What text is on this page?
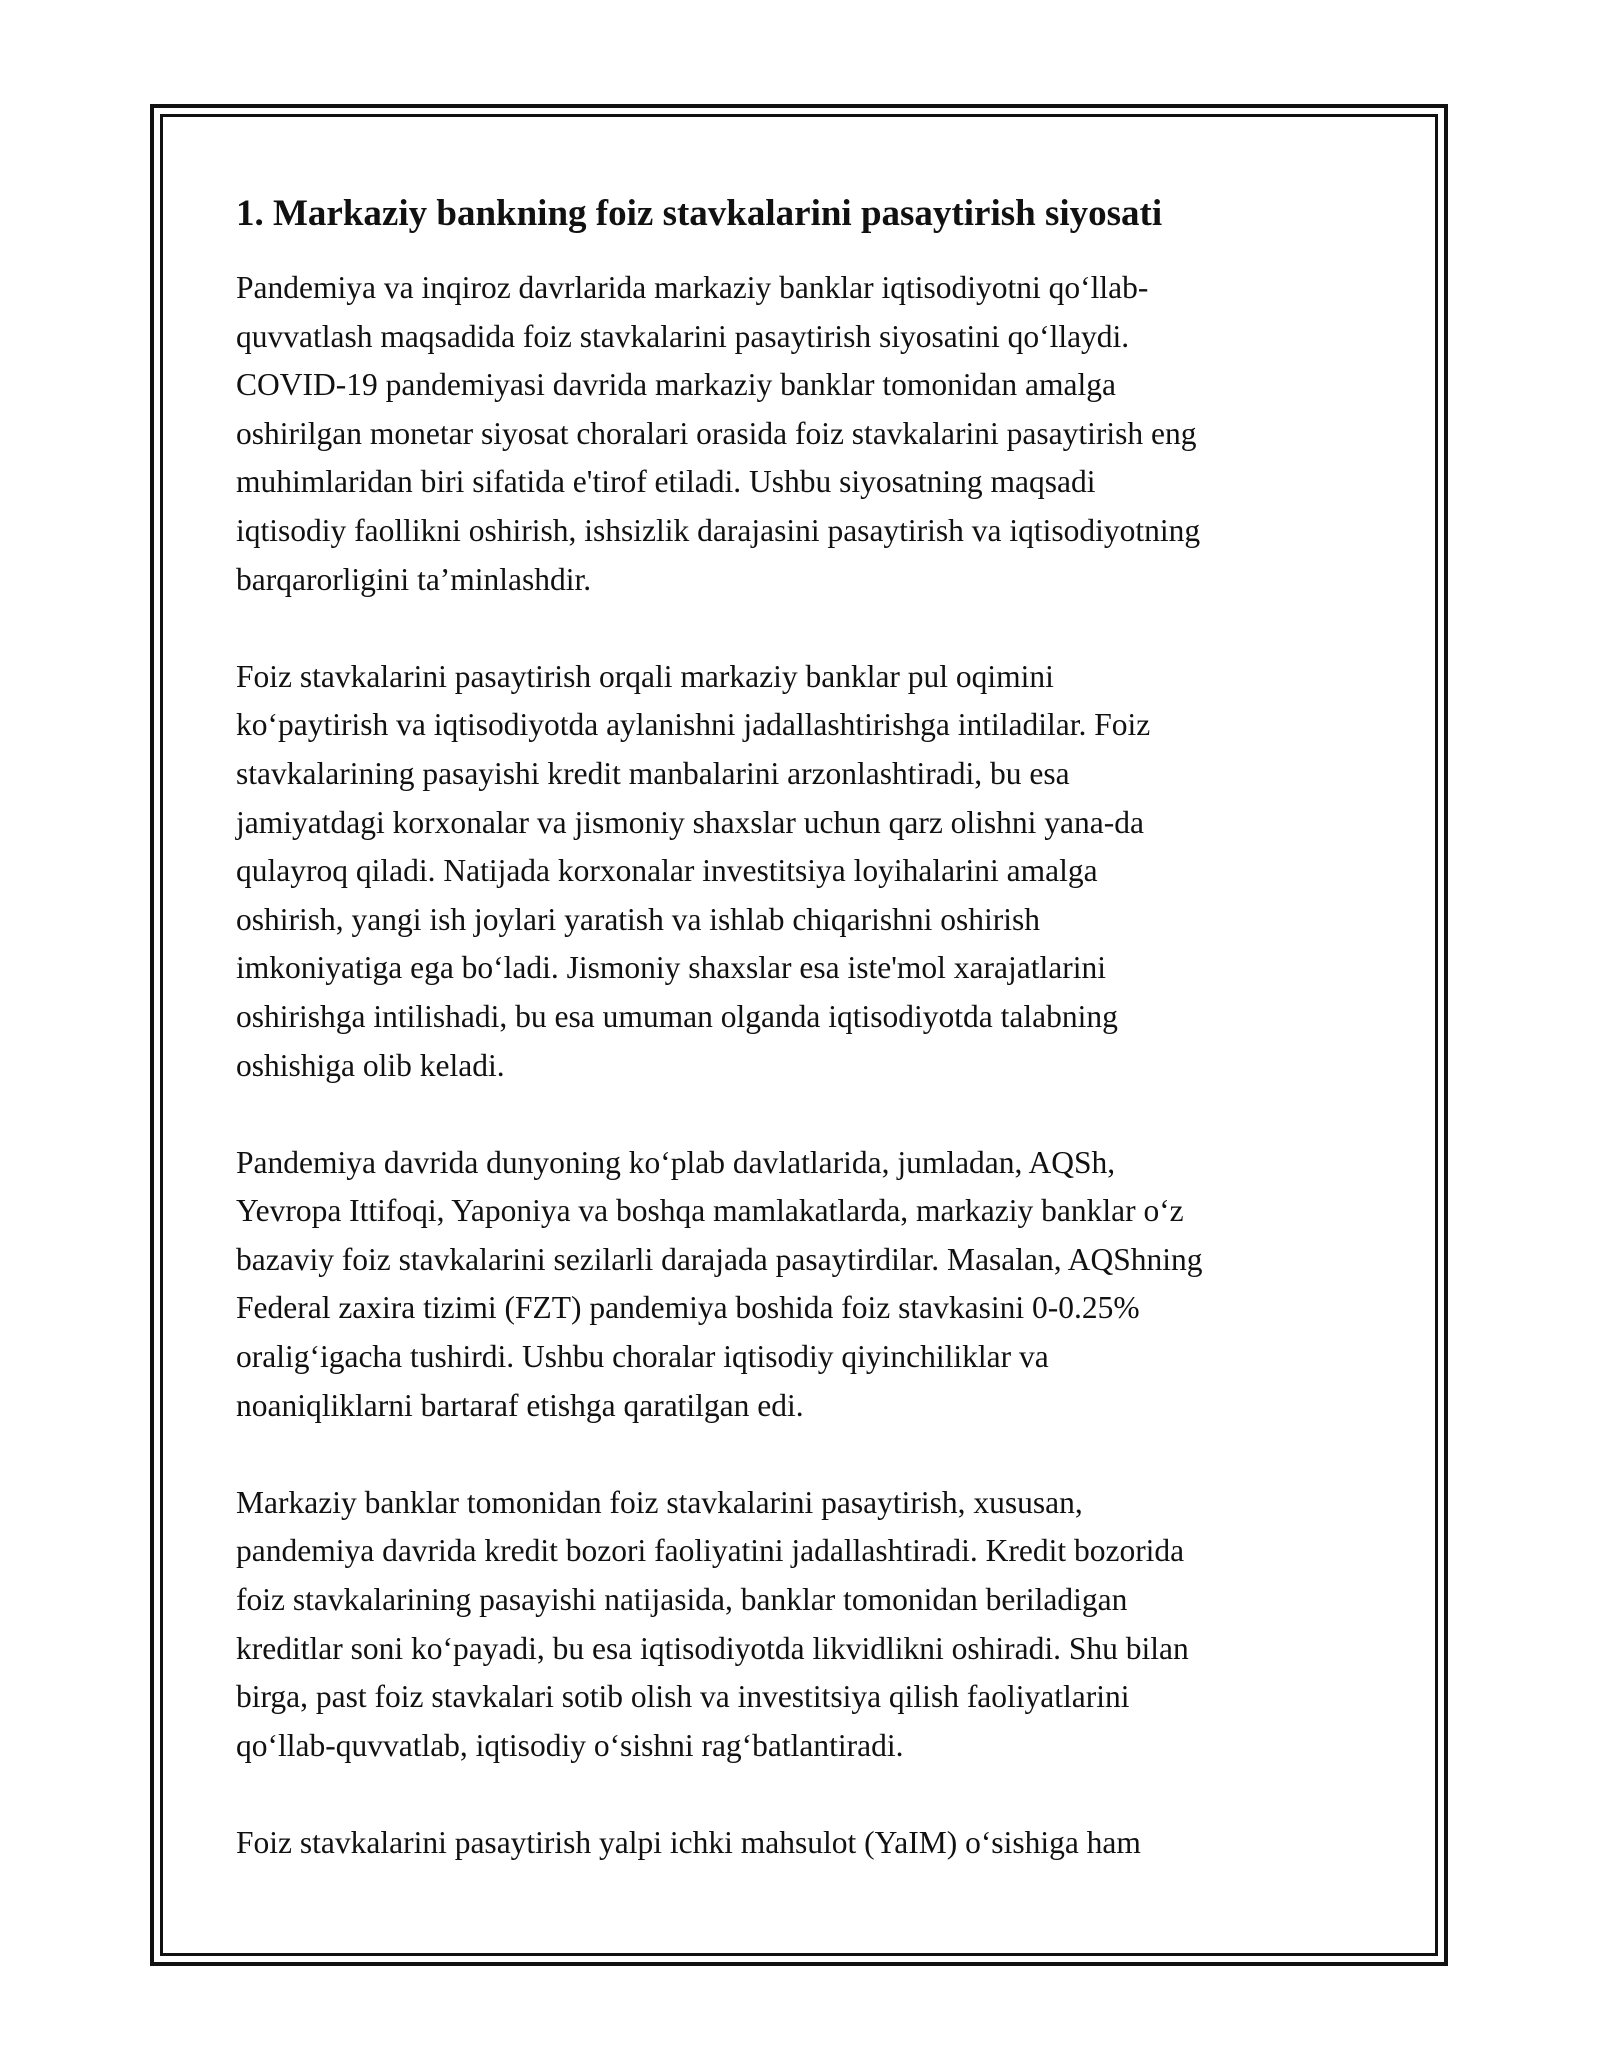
1. Markaziy bankning foiz stavkalarini pasaytirish siyosati
Pandemiya va inqiroz davrlarida markaziy banklar iqtisodiyotni qo‘llab-
quvvatlash maqsadida foiz stavkalarini pasaytirish siyosatini qo‘llaydi.
COVID-19 pandemiyasi davrida markaziy banklar tomonidan amalga
oshirilgan monetar siyosat choralari orasida foiz stavkalarini pasaytirish eng
muhimlaridan biri sifatida e'tirof etiladi. Ushbu siyosatning maqsadi
iqtisodiy faollikni oshirish, ishsizlik darajasini pasaytirish va iqtisodiyotning
barqarorligini ta’minlashdir.
Foiz stavkalarini pasaytirish orqali markaziy banklar pul oqimini
ko‘paytirish va iqtisodiyotda aylanishni jadallashtirishga intiladilar. Foiz
stavkalarining pasayishi kredit manbalarini arzonlashtiradi, bu esa
jamiyatdagi korxonalar va jismoniy shaxslar uchun qarz olishni yana-da
qulayroq qiladi. Natijada korxonalar investitsiya loyihalarini amalga
oshirish, yangi ish joylari yaratish va ishlab chiqarishni oshirish
imkoniyatiga ega bo‘ladi. Jismoniy shaxslar esa iste'mol xarajatlarini
oshirishga intilishadi, bu esa umuman olganda iqtisodiyotda talabning
oshishiga olib keladi.
Pandemiya davrida dunyoning ko‘plab davlatlarida, jumladan, AQSh,
Yevropa Ittifoqi, Yaponiya va boshqa mamlakatlarda, markaziy banklar o‘z
bazaviy foiz stavkalarini sezilarli darajada pasaytirdilar. Masalan, AQShning
Federal zaxira tizimi (FZT) pandemiya boshida foiz stavkasini 0-0.25%
oralig‘igacha tushirdi. Ushbu choralar iqtisodiy qiyinchiliklar va
noaniqliklarni bartaraf etishga qaratilgan edi.
Markaziy banklar tomonidan foiz stavkalarini pasaytirish, xususan,
pandemiya davrida kredit bozori faoliyatini jadallashtiradi. Kredit bozorida
foiz stavkalarining pasayishi natijasida, banklar tomonidan beriladigan
kreditlar soni ko‘payadi, bu esa iqtisodiyotda likvidlikni oshiradi. Shu bilan
birga, past foiz stavkalari sotib olish va investitsiya qilish faoliyatlarini
qo‘llab-quvvatlab, iqtisodiy o‘sishni rag‘batlantiradi.
Foiz stavkalarini pasaytirish yalpi ichki mahsulot (YaIM) o‘sishiga ham
